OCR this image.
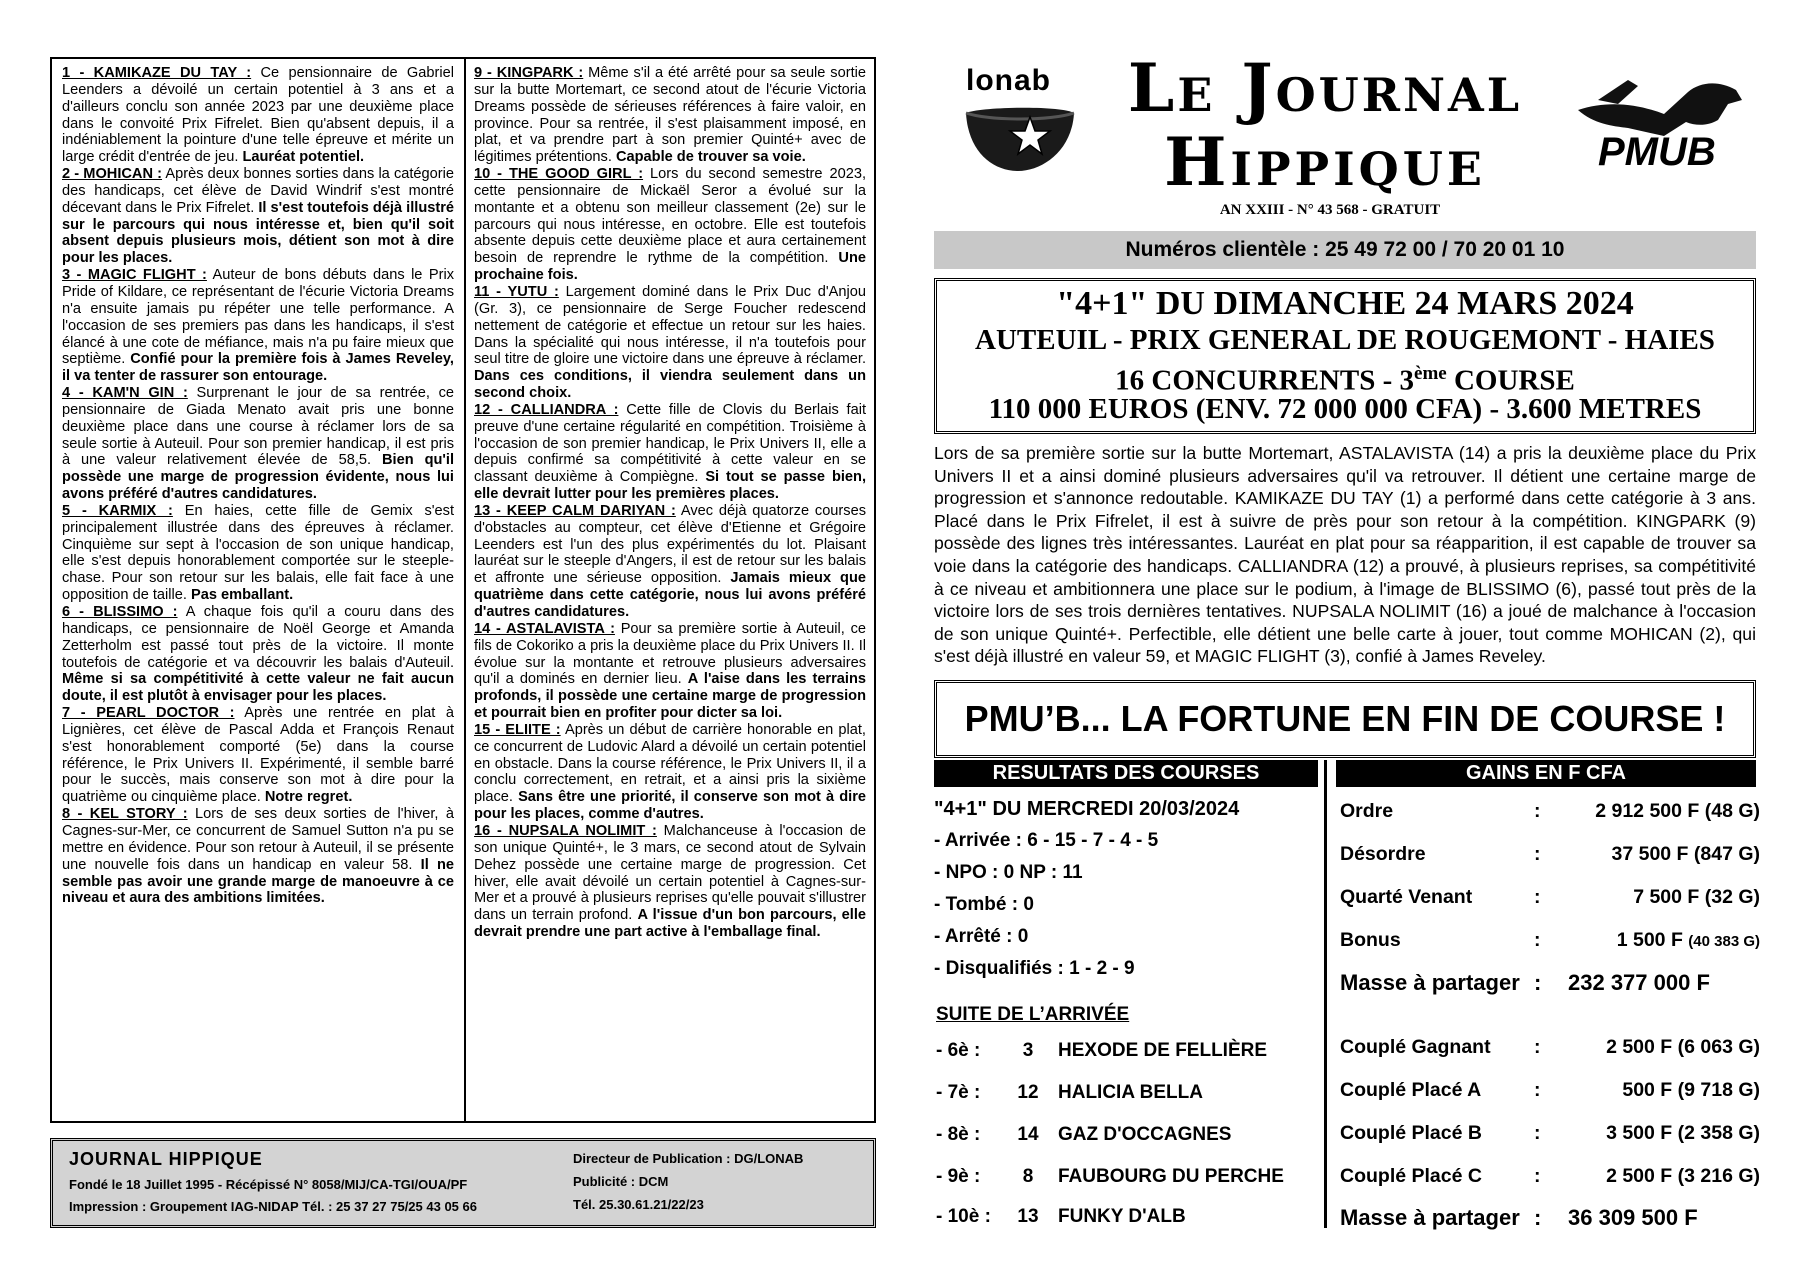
1 - KAMIKAZE DU TAY : Ce pensionnaire de Gabriel Leenders a dévoilé un certain potentiel à 3 ans et a d'ailleurs conclu son année 2023 par une deuxième place dans le convoité Prix Fifrelet. Bien qu'absent depuis, il a indéniablement la pointure d'une telle épreuve et mérite un large crédit d'entrée de jeu. Lauréat potentiel.

2 - MOHICAN : Après deux bonnes sorties dans la catégorie des handicaps, cet élève de David Windrif s'est montré décevant dans le Prix Fifrelet. Il s'est toutefois déjà illustré sur le parcours qui nous intéresse et, bien qu'il soit absent depuis plusieurs mois, détient son mot à dire pour les places.

3 - MAGIC FLIGHT : Auteur de bons débuts dans le Prix Pride of Kildare, ce représentant de l'écurie Victoria Dreams n'a ensuite jamais pu répéter une telle performance. A l'occasion de ses premiers pas dans les handicaps, il s'est élancé à une cote de méfiance, mais n'a pu faire mieux que septième. Confié pour la première fois à James Reveley, il va tenter de rassurer son entourage.

4 - KAM'N GIN : Surprenant le jour de sa rentrée, ce pensionnaire de Giada Menato avait pris une bonne deuxième place dans une course à réclamer lors de sa seule sortie à Auteuil. Pour son premier handicap, il est pris à une valeur relativement élevée de 58,5. Bien qu'il possède une marge de progression évidente, nous lui avons préféré d'autres candidatures.

5 - KARMIX : En haies, cette fille de Gemix s'est principalement illustrée dans des épreuves à réclamer. Cinquième sur sept à l'occasion de son unique handicap, elle s'est depuis honorablement comportée sur le steeple-chase. Pour son retour sur les balais, elle fait face à une opposition de taille. Pas emballant.

6 - BLISSIMO : A chaque fois qu'il a couru dans des handicaps, ce pensionnaire de Noël George et Amanda Zetterholm est passé tout près de la victoire. Il monte toutefois de catégorie et va découvrir les balais d'Auteuil. Même si sa compétitivité à cette valeur ne fait aucun doute, il est plutôt à envisager pour les places.

7 - PEARL DOCTOR : Après une rentrée en plat à Lignières, cet élève de Pascal Adda et François Renaut s'est honorablement comporté (5e) dans la course référence, le Prix Univers II. Expérimenté, il semble barré pour le succès, mais conserve son mot à dire pour la quatrième ou cinquième place. Notre regret.

8 - KEL STORY : Lors de ses deux sorties de l'hiver, à Cagnes-sur-Mer, ce concurrent de Samuel Sutton n'a pu se mettre en évidence. Pour son retour à Auteuil, il se présente une nouvelle fois dans un handicap en valeur 58. Il ne semble pas avoir une grande marge de manoeuvre à ce niveau et aura des ambitions limitées.

9 - KINGPARK : Même s'il a été arrêté pour sa seule sortie sur la butte Mortemart, ce second atout de l'écurie Victoria Dreams possède de sérieuses références à faire valoir, en province. Pour sa rentrée, il s'est plaisamment imposé, en plat, et va prendre part à son premier Quinté+ avec de légitimes prétentions. Capable de trouver sa voie.

10 - THE GOOD GIRL : Lors du second semestre 2023, cette pensionnaire de Mickaël Seror a évolué sur la montante et a obtenu son meilleur classement (2e) sur le parcours qui nous intéresse, en octobre. Elle est toutefois absente depuis cette deuxième place et aura certainement besoin de reprendre le rythme de la compétition. Une prochaine fois.

11 - YUTU : Largement dominé dans le Prix Duc d'Anjou (Gr. 3), ce pensionnaire de Serge Foucher redescend nettement de catégorie et effectue un retour sur les haies. Dans la spécialité qui nous intéresse, il n'a toutefois pour seul titre de gloire une victoire dans une épreuve à réclamer. Dans ces conditions, il viendra seulement dans un second choix.

12 - CALLIANDRA : Cette fille de Clovis du Berlais fait preuve d'une certaine régularité en compétition. Troisième à l'occasion de son premier handicap, le Prix Univers II, elle a depuis confirmé sa compétitivité à cette valeur en se classant deuxième à Compiègne. Si tout se passe bien, elle devrait lutter pour les premières places.

13 - KEEP CALM DARIYAN : Avec déjà quatorze courses d'obstacles au compteur, cet élève d'Etienne et Grégoire Leenders est l'un des plus expérimentés du lot. Plaisant lauréat sur le steeple d'Angers, il est de retour sur les balais et affronte une sérieuse opposition. Jamais mieux que quatrième dans cette catégorie, nous lui avons préféré d'autres candidatures.

14 - ASTALAVISTA : Pour sa première sortie à Auteuil, ce fils de Cokoriko a pris la deuxième place du Prix Univers II. Il évolue sur la montante et retrouve plusieurs adversaires qu'il a dominés en dernier lieu. A l'aise dans les terrains profonds, il possède une certaine marge de progression et pourrait bien en profiter pour dicter sa loi.

15 - ELIITE : Après un début de carrière honorable en plat, ce concurrent de Ludovic Alard a dévoilé un certain potentiel en obstacle. Dans la course référence, le Prix Univers II, il a conclu correctement, en retrait, et a ainsi pris la sixième place. Sans être une priorité, il conserve son mot à dire pour les places, comme d'autres.

16 - NUPSALA NOLIMIT : Malchanceuse à l'occasion de son unique Quinté+, le 3 mars, ce second atout de Sylvain Dehez possède une certaine marge de progression. Cet hiver, elle avait dévoilé un certain potentiel à Cagnes-sur-Mer et a prouvé à plusieurs reprises qu'elle pouvait s'illustrer dans un terrain profond. A l'issue d'un bon parcours, elle devrait prendre une part active à l'emballage final.

JOURNAL HIPPIQUE
Fondé le 18 Juillet 1995 - Récépissé N° 8058/MIJ/CA-TGI/OUA/PF
Impression : Groupement IAG-NIDAP Tél. : 25 37 27 75/25 43 05 66
Directeur de Publication : DG/LONAB
Publicité : DCM
Tél. 25.30.61.21/22/23
lonab	Le Journal
Hippique
AN XXIII - N° 43 568 - GRATUIT
PMUB
Numéros clientèle : 25 49 72 00 / 70 20 01 10
"4+1" DU DIMANCHE 24 MARS 2024
AUTEUIL - PRIX GENERAL DE ROUGEMONT - HAIES
16 CONCURRENTS - 3ème COURSE
110 000 EUROS (ENV. 72 000 000 CFA) - 3.600 METRES
Lors de sa première sortie sur la butte Mortemart, ASTALAVISTA (14) a pris la deuxième place du Prix Univers II et a ainsi dominé plusieurs adversaires qu'il va retrouver. Il détient une certaine marge de progression et s'annonce redoutable. KAMIKAZE DU TAY (1) a performé dans cette catégorie à 3 ans. Placé dans le Prix Fifrelet, il est à suivre de près pour son retour à la compétition. KINGPARK (9) possède des lignes très intéressantes. Lauréat en plat pour sa réapparition, il est capable de trouver sa voie dans la catégorie des handicaps. CALLIANDRA (12) a prouvé, à plusieurs reprises, sa compétitivité à ce niveau et ambitionnera une place sur le podium, à l'image de BLISSIMO (6), passé tout près de la victoire lors de ses trois dernières tentatives. NUPSALA NOLIMIT (16) a joué de malchance à l'occasion de son unique Quinté+. Perfectible, elle détient une belle carte à jouer, tout comme MOHICAN (2), qui s'est déjà illustré en valeur 59, et MAGIC FLIGHT (3), confié à James Reveley.
PMU’B... LA FORTUNE EN FIN DE COURSE !
RESULTATS DES COURSES	GAINS EN F CFA
"4+1" DU MERCREDI 20/03/2024
- Arrivée : 6 - 15 - 7 - 4 - 5
- NPO : 0 NP : 11
- Tombé : 0
- Arrêté : 0
- Disqualifiés : 1 - 2 - 9
SUITE DE L’ARRIVÉE
- 6è :	3	HEXODE DE FELLIÈRE
- 7è :	12	HALICIA BELLA
- 8è :	14	GAZ D'OCCAGNES
- 9è :	8	FAUBOURG DU PERCHE
- 10è :	13	FUNKY D'ALB
Ordre	:	2 912 500 F (48 G)
Désordre	:	37 500 F (847 G)
Quarté Venant	:	7 500 F (32 G)
Bonus	:	1 500 F (40 383 G)
Masse à partager : 232 377 000 F
Couplé Gagnant :	2 500 F (6 063 G)
Couplé Placé A	:	500 F (9 718 G)
Couplé Placé B	:	3 500 F (2 358 G)
Couplé Placé C	:	2 500 F (3 216 G)
Masse à partager : 36 309 500 F
